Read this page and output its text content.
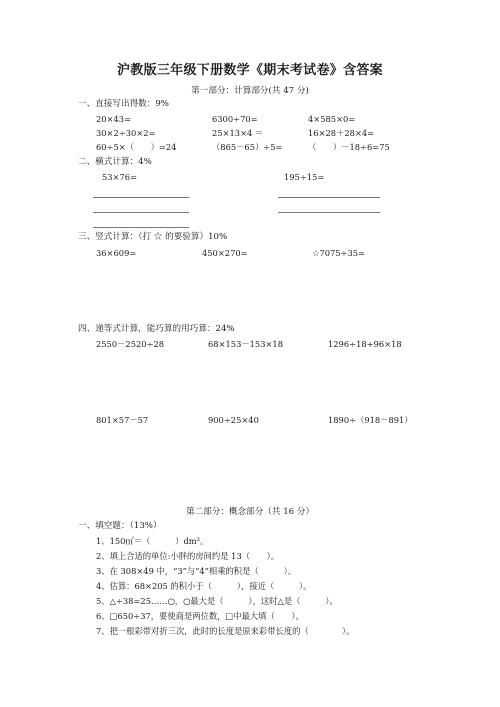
沪教版三年级下册数学《期末考试卷》含答案
第一部分：计算部分(共 47 分)
一、直接写出得数：9%
20×43=	6300÷70=	4×585×0=
30×2÷30×2=	25×13×4 ＝	16×28＋28×4=
60÷5×（　　）=24	（865－65）÷5=	（　　）－18÷6=75
二、横式计算：4%
53×76=	195÷15=
三、竖式计算：（打 ☆ 的要验算）10%
36×609=	450×270=	☆7075÷35=
四、递等式计算，能巧算的用巧算：24%
2550－2520÷28	68×153－153×18	1296÷18+96×18
801×57－57	900÷25×40	1890÷（918－891）
第二部分：概念部分（共 16 分）
一、填空题：（13%）
1、150㎡＝（　　　）dm²。
2、填上合适的单位:小胖的房间约是 13（　　）。
3、在 308×49 中，“3”与“4”相乘的积是（　　　）。
4、估算：68×205 的积小于（　　　），接近（　　　）。
5、△÷38=25……○，○最大是（　　　），这时△是（　　　）。
6、□650÷37，要使商是两位数，□中最大填（　　）。
7、把一根彩带对折三次，此时的长度是原来彩带长度的（　　　　）。
